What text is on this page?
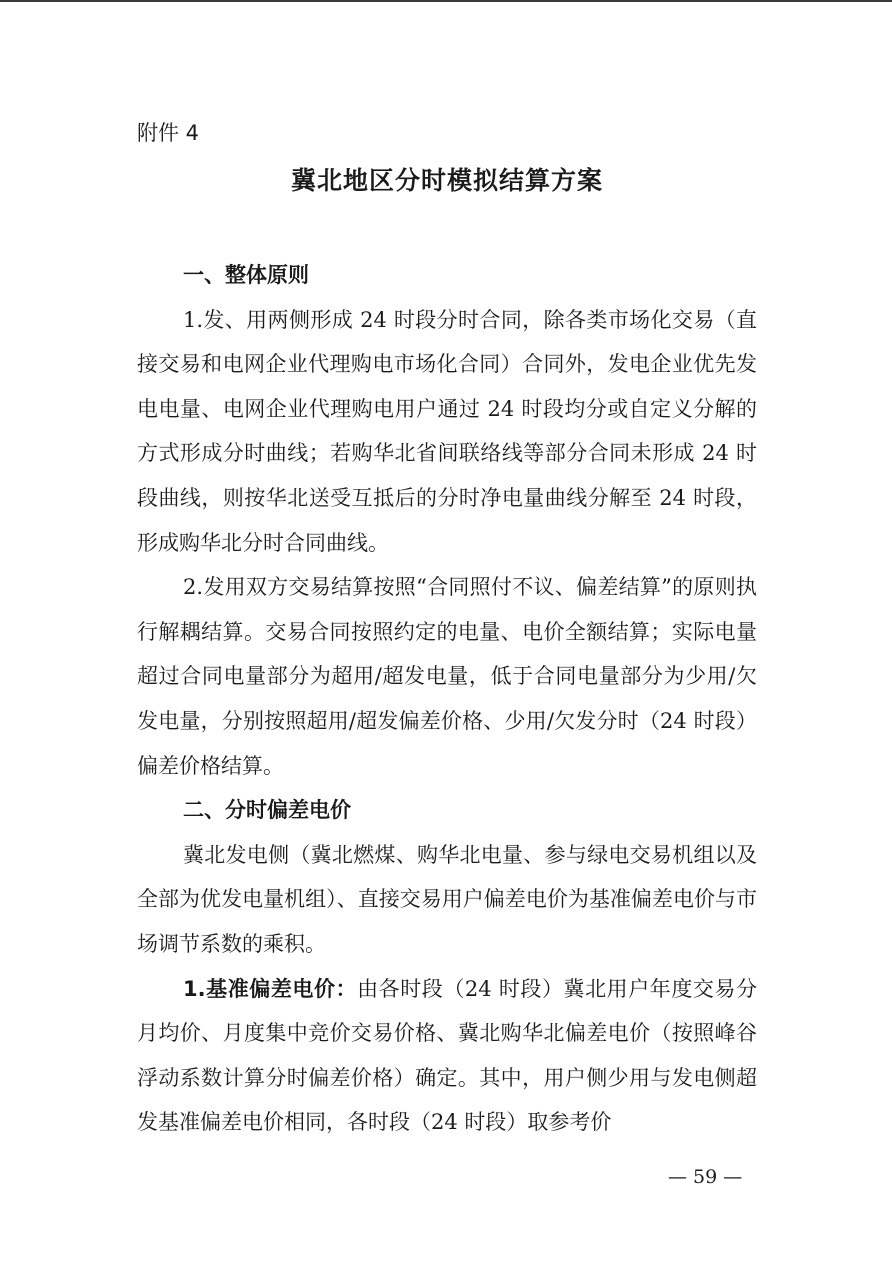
附件 4
冀北地区分时模拟结算方案

一、整体原则

1.发、用两侧形成 24 时段分时合同，除各类市场化交易（直接交易和电网企业代理购电市场化合同）合同外，发电企业优先发电电量、电网企业代理购电用户通过 24 时段均分或自定义分解的方式形成分时曲线；若购华北省间联络线等部分合同未形成 24 时段曲线，则按华北送受互抵后的分时净电量曲线分解至 24 时段，形成购华北分时合同曲线。

2.发用双方交易结算按照“合同照付不议、偏差结算”的原则执行解耦结算。交易合同按照约定的电量、电价全额结算；实际电量超过合同电量部分为超用/超发电量，低于合同电量部分为少用/欠发电量，分别按照超用/超发偏差价格、少用/欠发分时（24 时段）偏差价格结算。

二、分时偏差电价

冀北发电侧（冀北燃煤、购华北电量、参与绿电交易机组以及全部为优发电量机组）、直接交易用户偏差电价为基准偏差电价与市场调节系数的乘积。

1.基准偏差电价：由各时段（24 时段）冀北用户年度交易分月均价、月度集中竞价交易价格、冀北购华北偏差电价（按照峰谷浮动系数计算分时偏差价格）确定。其中，用户侧少用与发电侧超发基准偏差电价相同，各时段（24 时段）取参考价

— 59 —
